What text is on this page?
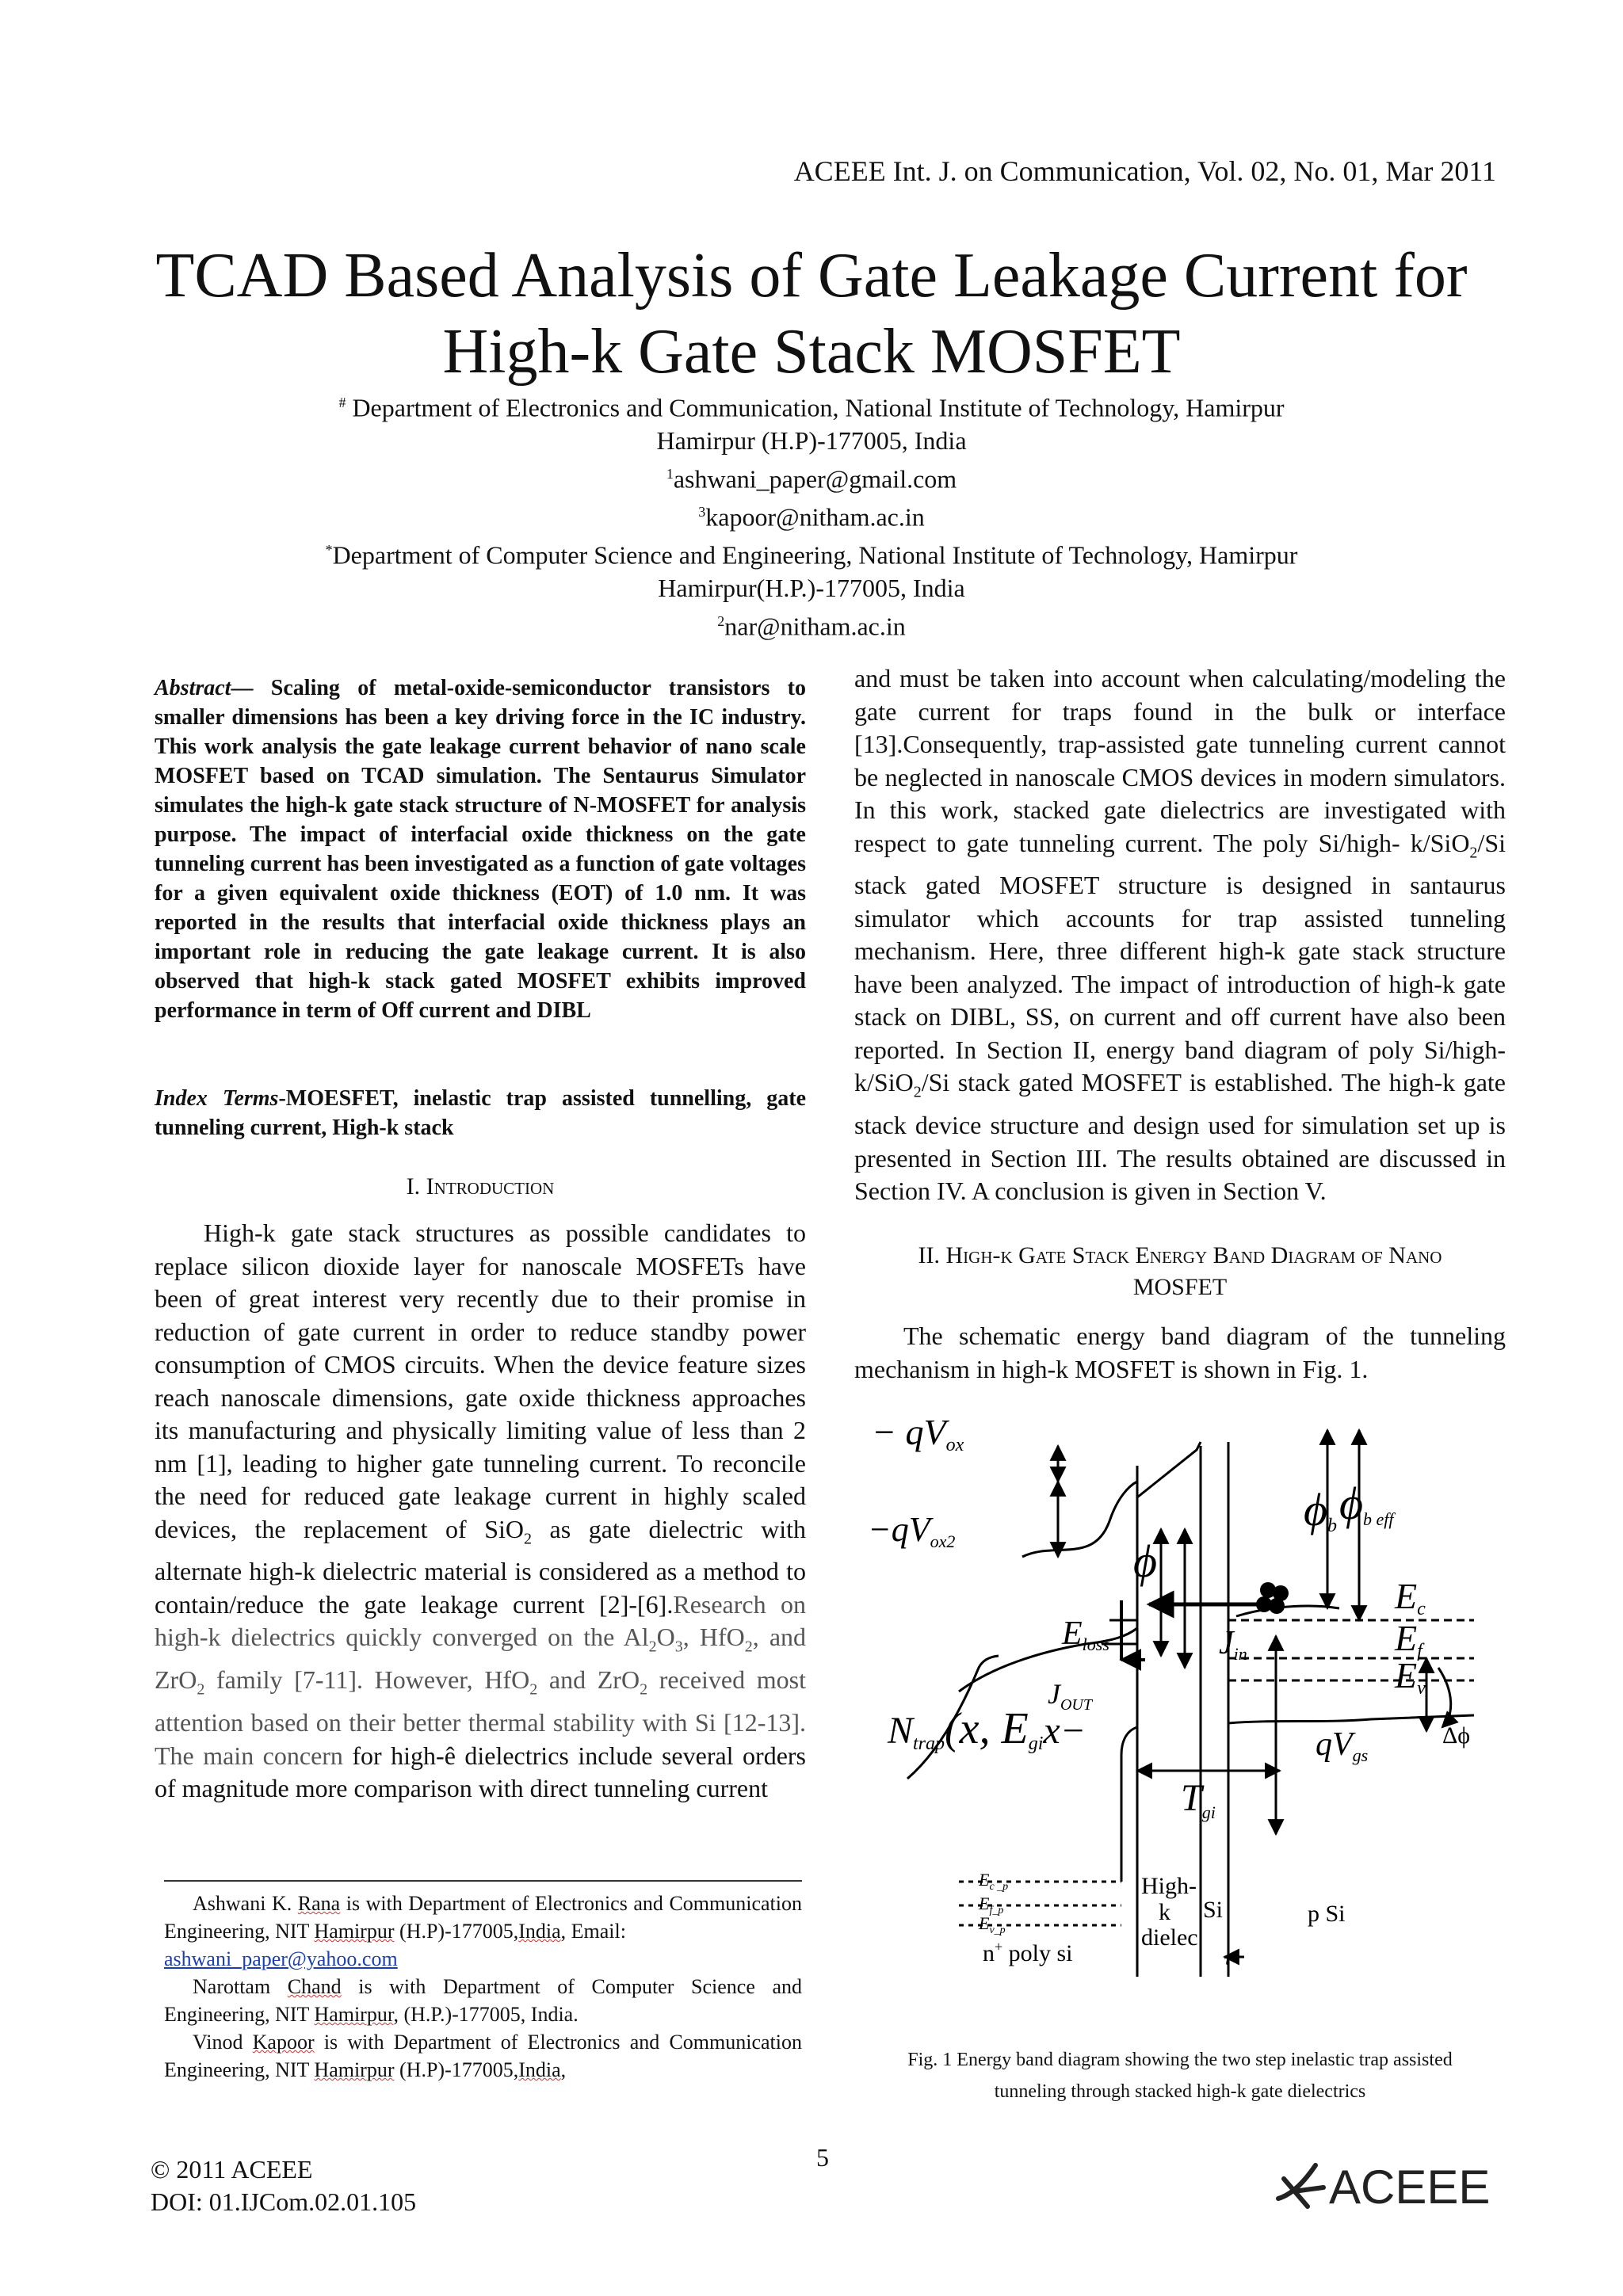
ACEEE Int. J. on Communication, Vol. 02, No. 01, Mar 2011
TCAD Based Analysis of Gate Leakage Current for
High-k Gate Stack MOSFET
# Department of Electronics and Communication, National Institute of Technology, Hamirpur
Hamirpur (H.P)-177005, India
$^1$ashwani_paper@gmail.com
$^3$kapoor@nitham.ac.in
*Department of Computer Science and Engineering, National Institute of Technology, Hamirpur
Hamirpur(H.P.)-177005, India
$^2$nar@nitham.ac.in
Abstract— Scaling of metal-oxide-semiconductor transistors to smaller dimensions has been a key driving force in the IC industry. This work analysis the gate leakage current behavior of nano scale MOSFET based on TCAD simulation. The Sentaurus Simulator simulates the high-k gate stack structure of N-MOSFET for analysis purpose. The impact of interfacial oxide thickness on the gate tunneling current has been investigated as a function of gate voltages for a given equivalent oxide thickness (EOT) of 1.0 nm. It was reported in the results that interfacial oxide thickness plays an important role in reducing the gate leakage current. It is also observed that high-k stack gated MOSFET exhibits improved performance in term of Off current and DIBL
Index Terms-MOESFET, inelastic trap assisted tunnelling, gate tunneling current, High-k stack
I. Introduction
High-k gate stack structures as possible candidates to replace silicon dioxide layer for nanoscale MOSFETs have been of great interest very recently due to their promise in reduction of gate current in order to reduce standby power consumption of CMOS circuits. When the device feature sizes reach nanoscale dimensions, gate oxide thickness approaches its manufacturing and physically limiting value of less than 2 nm [1], leading to higher gate tunneling current. To reconcile the need for reduced gate leakage current in highly scaled devices, the replacement of SiO$_2$ as gate dielectric with alternate high-k dielectric material is considered as a method to contain/reduce the gate leakage current [2]-[6].Research on high-k dielectrics quickly converged on the $Al_2O_3$, HfO$_2$, and ZrO$_2$ family [7-11]. However, HfO$_2$ and ZrO$_2$ received most attention based on their better thermal stability with Si [12-13]. The main concern for high-ê dielectrics include several orders of magnitude more comparison with direct tunneling current

Ashwani K. Rana is with Department of Electronics and Communication Engineering, NIT Hamirpur (H.P)-177005,India, Email:
ashwani_paper@yahoo.com

Narottam Chand is with Department of Computer Science and Engineering, NIT Hamirpur, (H.P.)-177005, India.

Vinod Kapoor is with Department of Electronics and Communication Engineering, NIT Hamirpur (H.P)-177005,India,

and must be taken into account when calculating/modeling the gate current for traps found in the bulk or interface [13].Consequently, trap-assisted gate tunneling current cannot be neglected in nanoscale CMOS devices in modern simulators. In this work, stacked gate dielectrics are investigated with respect to gate tunneling current. The poly Si/high- k/SiO$_2$/Si stack gated MOSFET structure is designed in santaurus simulator which accounts for trap assisted tunneling mechanism. Here, three different high-k gate stack structure have been analyzed. The impact of introduction of high-k gate stack on DIBL, SS, on current and off current have also been reported. In Section II, energy band diagram of poly Si/high-k/SiO$_2$/Si stack gated MOSFET is established. The high-k gate stack device structure and design used for simulation set up is presented in Section III. The results obtained are discussed in Section IV. A conclusion is given in Section V.
II. High-k Gate Stack Energy Band Diagram of Nano
MOSFET
The schematic energy band diagram of the tunneling mechanism in high-k MOSFET is shown in Fig. 1.
− qVox
−qVox2	ϕ
ϕb ϕb eff
Ec
Ef
Ev
Eloss	Jin
$J_{OUT}$
Ntrap(x, Egix−	qVgs
Δϕ
$T_{gi}$
$E_{c \_p}$
$E_{f\_p}$
$E_{v\_p}$
τ
High-
k
dielec
Si	p Si
n+ poly si
Fig. 1 Energy band diagram showing the two step inelastic trap assisted
tunneling through stacked high-k gate dielectrics
5
© 2011 ACEEE
DOI: 01.IJCom.02.01.105	ACEEE
